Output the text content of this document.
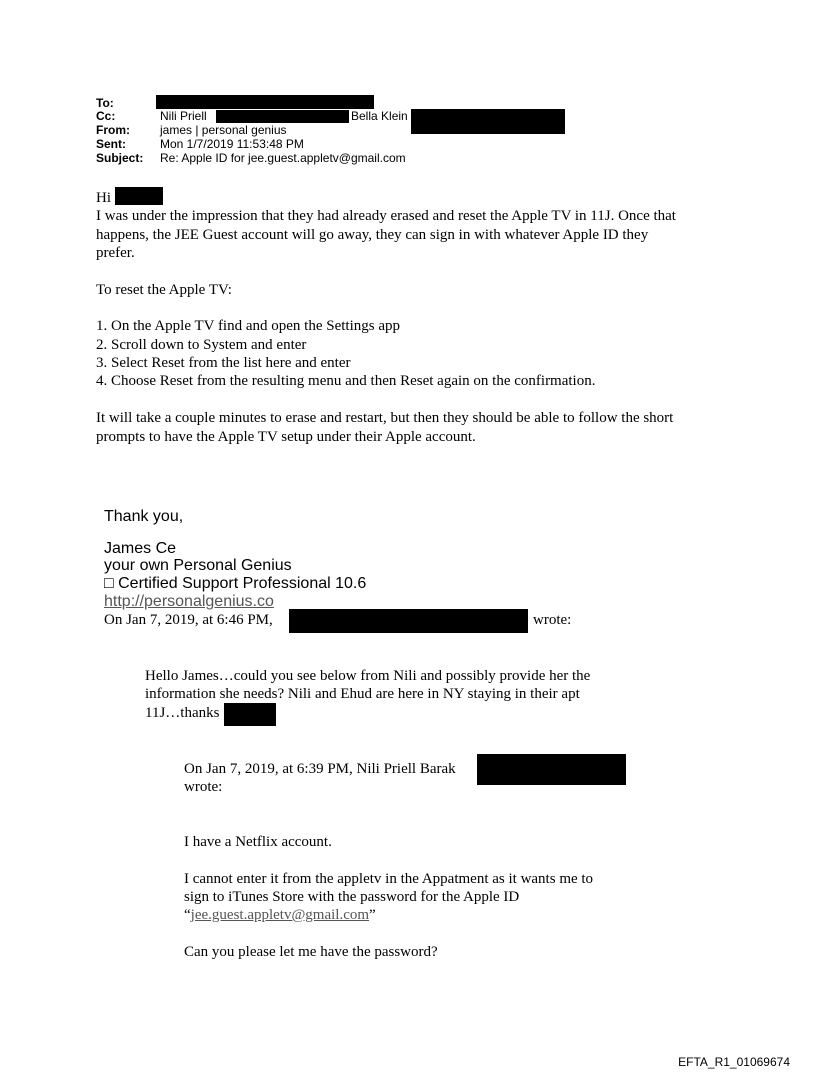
To:
Cc:	Nili Priell	Bella Klein
From:	james | personal genius
Sent:	Mon 1/7/2019 11:53:48 PM
Subject: Re: Apple ID for jee.guest.appletv@gmail.com
Hi
I was under the impression that they had already erased and reset the Apple TV in 11J. Once that
happens, the JEE Guest account will go away, they can sign in with whatever Apple ID they
prefer.
To reset the Apple TV:
1. On the Apple TV find and open the Settings app
2. Scroll down to System and enter
3. Select Reset from the list here and enter
4. Choose Reset from the resulting menu and then Reset again on the confirmation.
It will take a couple minutes to erase and restart, but then they should be able to follow the short
prompts to have the Apple TV setup under their Apple account.
Thank you,
James Ce
your own Personal Genius
□ Certified Support Professional 10.6
http://personalgenius.co
On Jan 7, 2019, at 6:46 PM,	wrote:
Hello James…could you see below from Nili and possibly provide her the
information she needs? Nili and Ehud are here in NY staying in their apt
11J…thanks
On Jan 7, 2019, at 6:39 PM, Nili Priell Barak
wrote:
I have a Netflix account.
I cannot enter it from the appletv in the Appatment as it wants me to
sign to iTunes Store with the password for the Apple ID
“jee.guest.appletv@gmail.com”
Can you please let me have the password?
EFTA_R1_01069674
